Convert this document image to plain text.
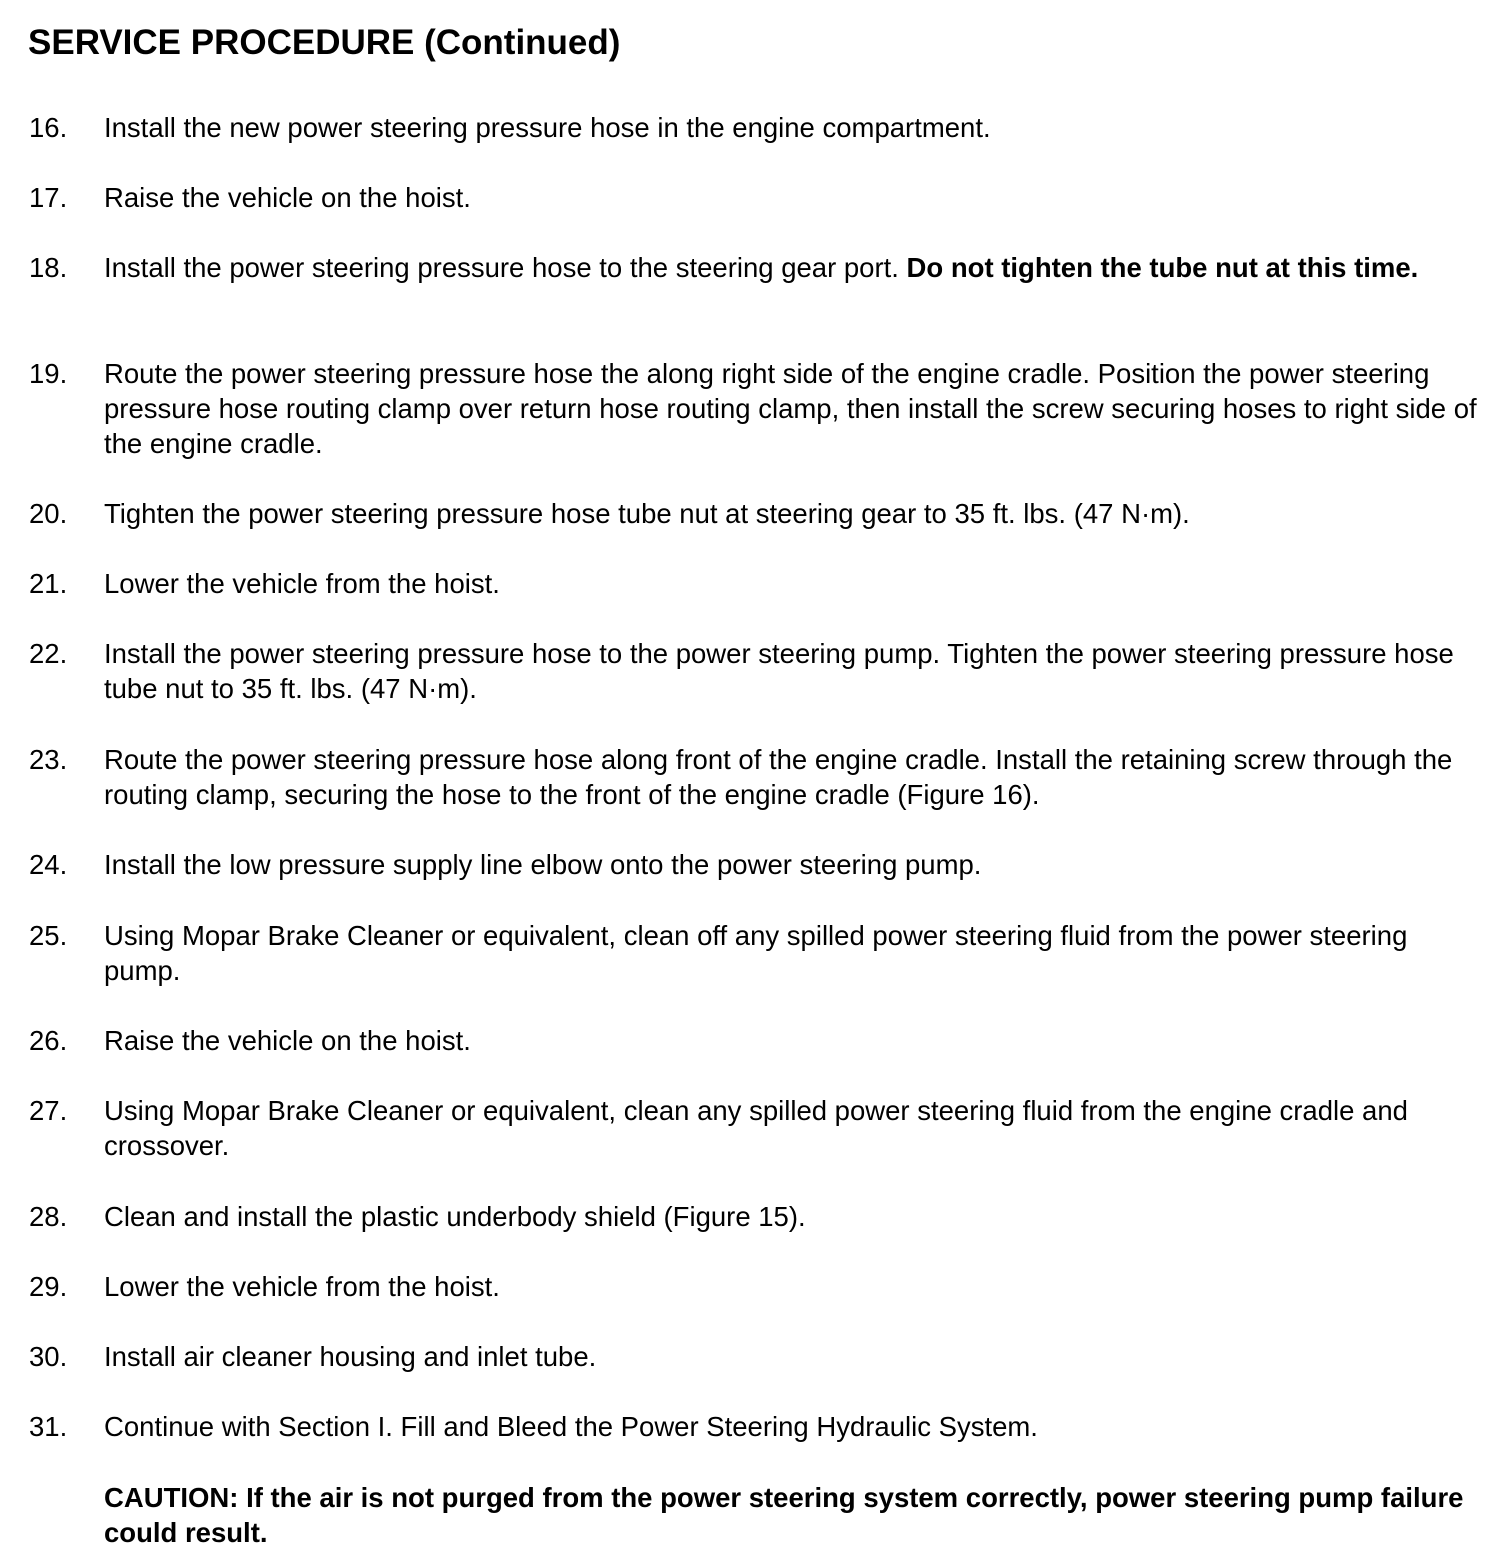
SERVICE PROCEDURE (Continued)
16.	Install the new power steering pressure hose in the engine compartment.
17.	Raise the vehicle on the hoist.
18.	Install the power steering pressure hose to the steering gear port. Do not tighten the tube nut at this time.
19.	Route the power steering pressure hose the along right side of the engine cradle. Position the power steering pressure hose routing clamp over return hose routing clamp, then install the screw securing hoses to right side of the engine cradle.
20.	Tighten the power steering pressure hose tube nut at steering gear to 35 ft. lbs. (47 N·m).
21.	Lower the vehicle from the hoist.
22.	Install the power steering pressure hose to the power steering pump. Tighten the power steering pressure hose tube nut to 35 ft. lbs. (47 N·m).
23.	Route the power steering pressure hose along front of the engine cradle. Install the retaining screw through the routing clamp, securing the hose to the front of the engine cradle (Figure 16).
24.	Install the low pressure supply line elbow onto the power steering pump.
25.	Using Mopar Brake Cleaner or equivalent, clean off any spilled power steering fluid from the power steering pump.
26.	Raise the vehicle on the hoist.
27.	Using Mopar Brake Cleaner or equivalent, clean any spilled power steering fluid from the engine cradle and crossover.
28.	Clean and install the plastic underbody shield (Figure 15).
29.	Lower the vehicle from the hoist.
30.	Install air cleaner housing and inlet tube.
31.	Continue with Section I. Fill and Bleed the Power Steering Hydraulic System.
CAUTION: If the air is not purged from the power steering system correctly, power steering pump failure could result.
